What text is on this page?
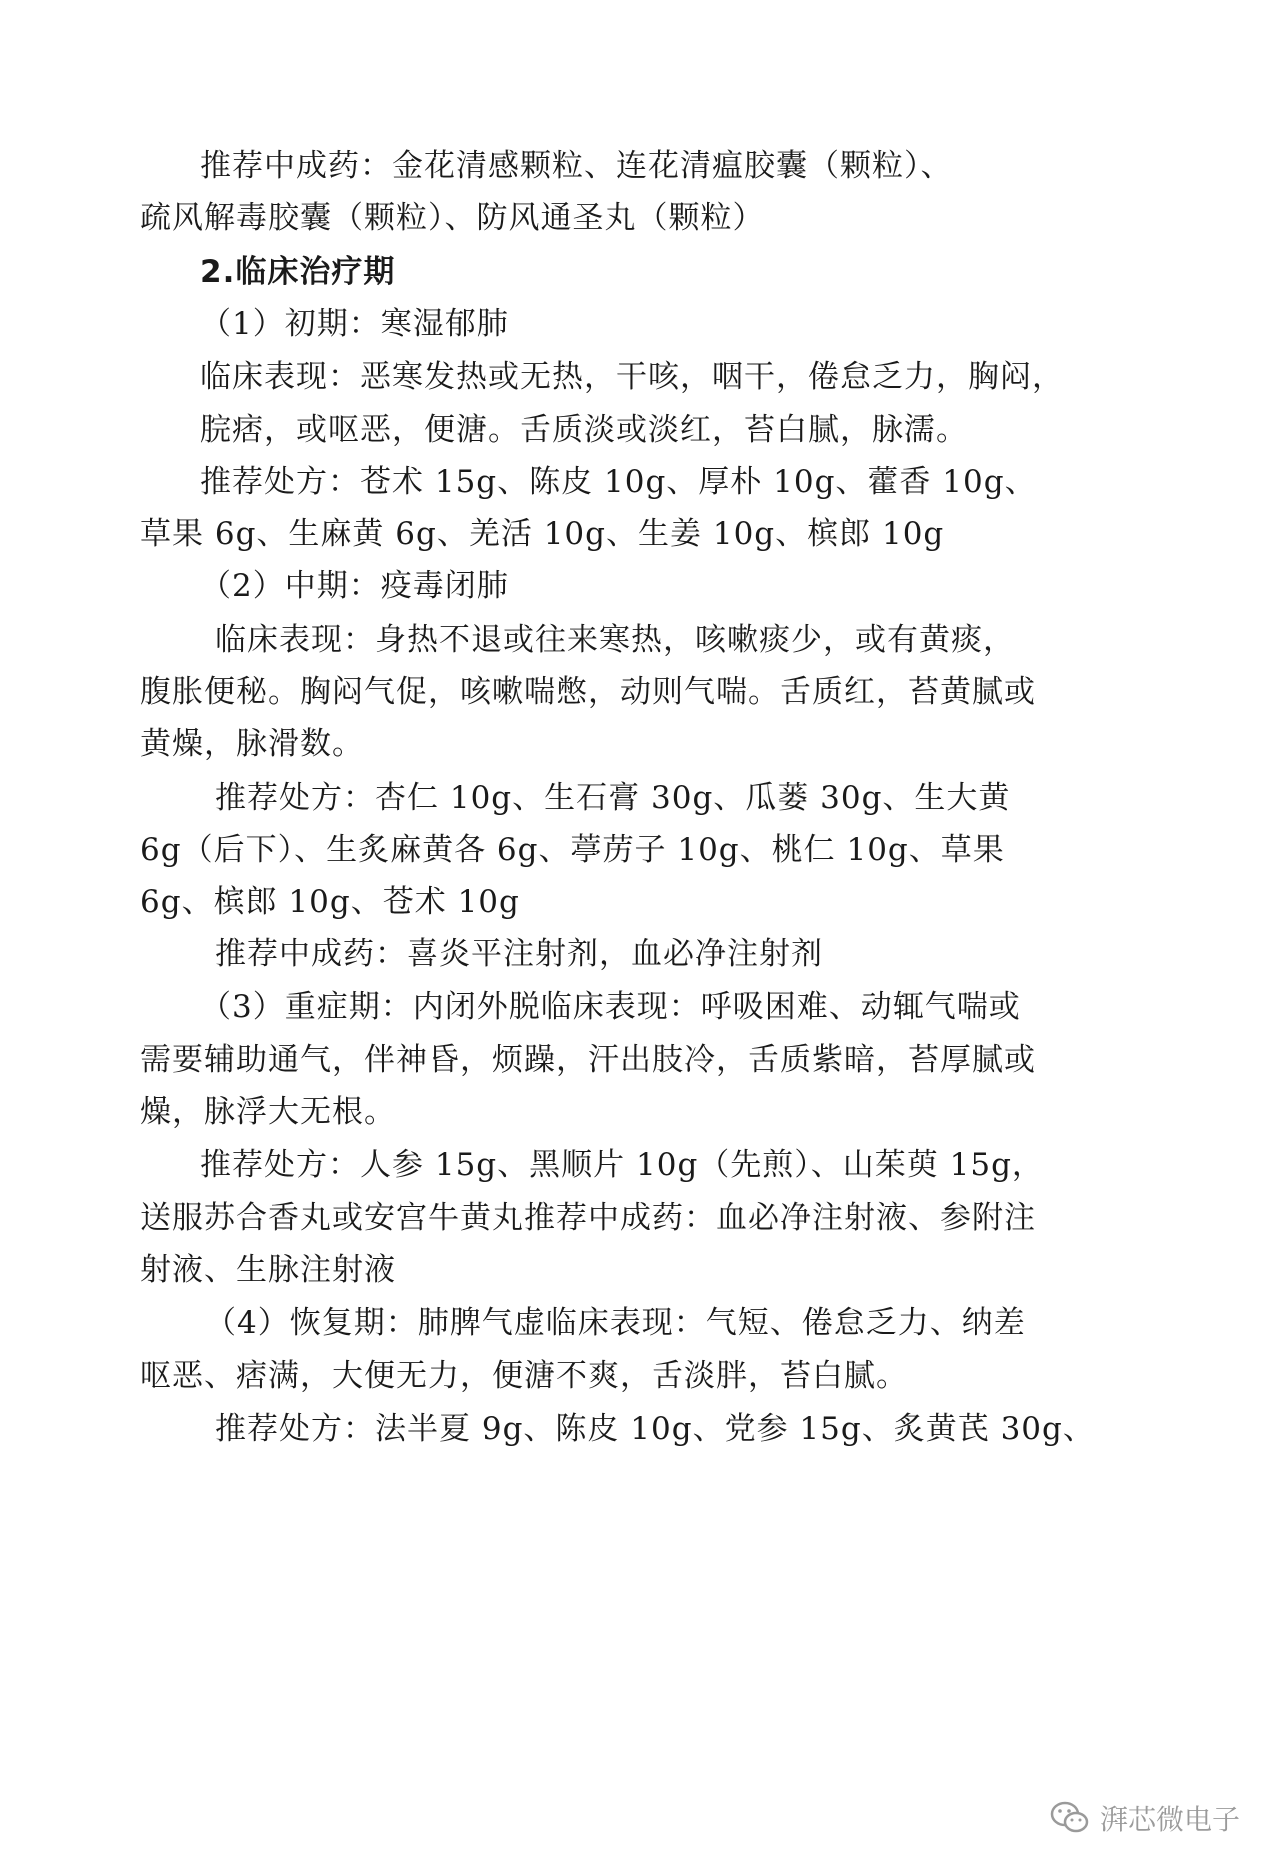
推荐中成药：金花清感颗粒、连花清瘟胶囊（颗粒）、
疏风解毒胶囊（颗粒）、防风通圣丸（颗粒）
2.临床治疗期
（1）初期：寒湿郁肺
临床表现：恶寒发热或无热，干咳，咽干，倦怠乏力，胸闷，
脘痞，或呕恶，便溏。舌质淡或淡红，苔白腻，脉濡。
推荐处方：苍术 15g、陈皮 10g、厚朴 10g、藿香 10g、
草果 6g、生麻黄 6g、羌活 10g、生姜 10g、槟郎 10g
（2）中期：疫毒闭肺
临床表现：身热不退或往来寒热，咳嗽痰少，或有黄痰，
腹胀便秘。胸闷气促，咳嗽喘憋，动则气喘。舌质红，苔黄腻或
黄燥，脉滑数。
推荐处方：杏仁 10g、生石膏 30g、瓜蒌 30g、生大黄
6g（后下）、生炙麻黄各 6g、葶苈子 10g、桃仁 10g、草果
6g、槟郎 10g、苍术 10g
推荐中成药：喜炎平注射剂，血必净注射剂
（3）重症期：内闭外脱临床表现：呼吸困难、动辄气喘或
需要辅助通气，伴神昏，烦躁，汗出肢冷，舌质紫暗，苔厚腻或
燥，脉浮大无根。
推荐处方：人参 15g、黑顺片 10g（先煎）、山茱萸 15g，
送服苏合香丸或安宫牛黄丸推荐中成药：血必净注射液、参附注
射液、生脉注射液
（4）恢复期：肺脾气虚临床表现：气短、倦怠乏力、纳差
呕恶、痞满，大便无力，便溏不爽，舌淡胖，苔白腻。
推荐处方：法半夏 9g、陈皮 10g、党参 15g、炙黄芪 30g、
湃芯微电子
